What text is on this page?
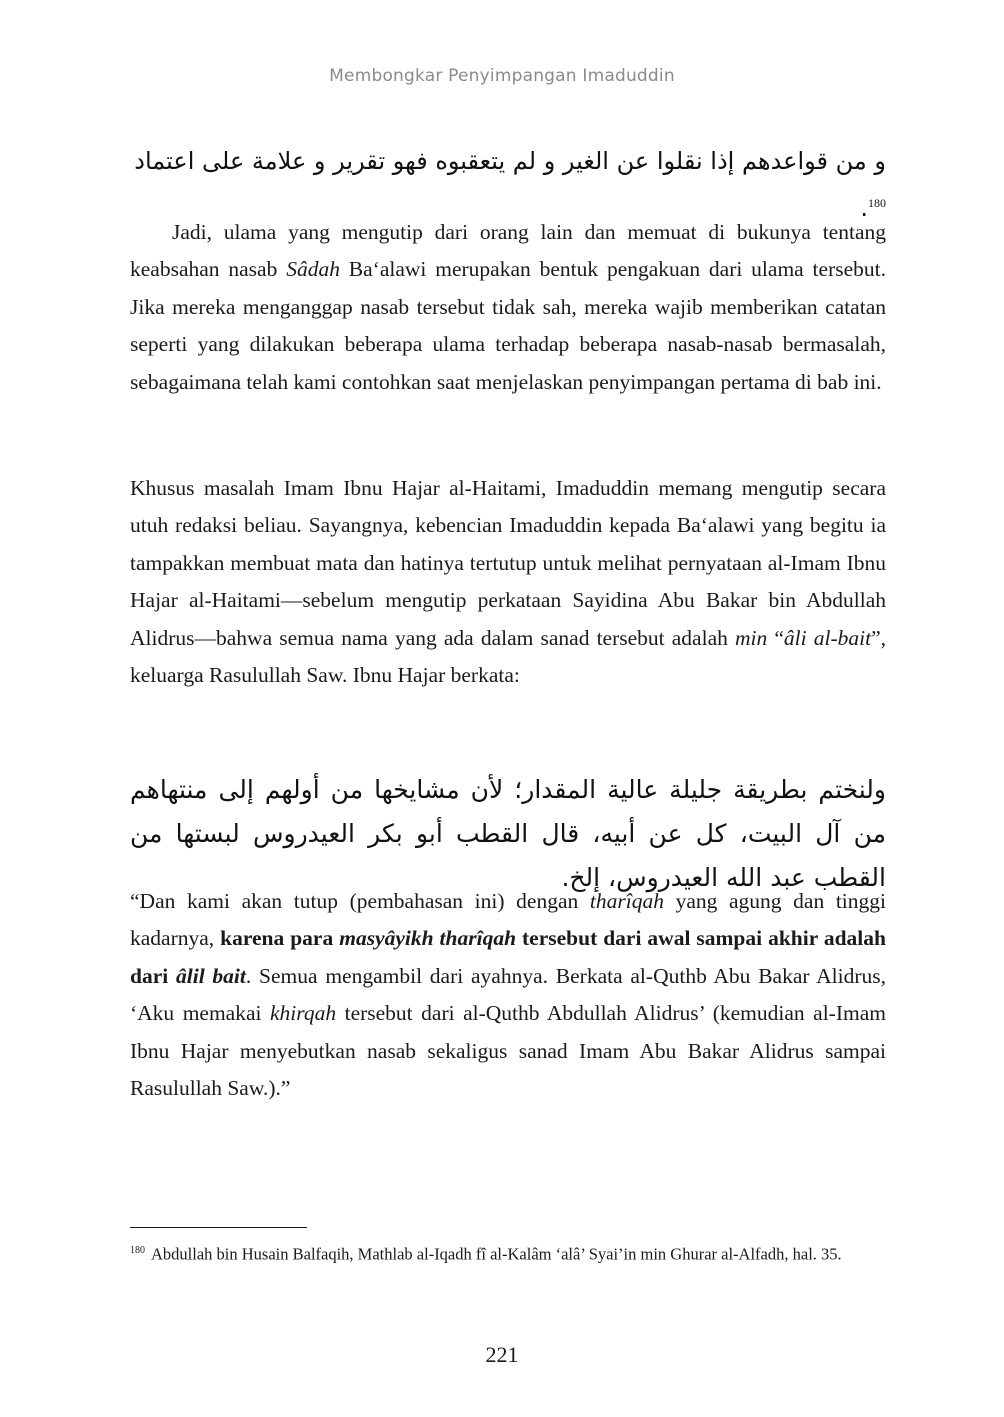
Membongkar Penyimpangan Imaduddin
و من قواعدهم إذا نقلوا عن الغير و لم يتعقبوه فهو تقرير و علامة على اعتماد $^{180}$.

Jadi, ulama yang mengutip dari orang lain dan memuat di bukunya tentang keabsahan nasab Sâdah Ba‘alawi merupakan bentuk pengakuan dari ulama tersebut. Jika mereka menganggap nasab tersebut tidak sah, mereka wajib memberikan catatan seperti yang dilakukan beberapa ulama terhadap beberapa nasab-nasab bermasalah, sebagaimana telah kami contohkan saat menjelaskan penyimpangan pertama di bab ini.

Khusus masalah Imam Ibnu Hajar al-Haitami, Imaduddin memang mengutip secara utuh redaksi beliau. Sayangnya, kebencian Imaduddin kepada Ba‘alawi yang begitu ia tampakkan membuat mata dan hatinya tertutup untuk melihat pernyataan al-Imam Ibnu Hajar al-Haitami—sebelum mengutip perkataan Sayidina Abu Bakar bin Abdullah Alidrus—bahwa semua nama yang ada dalam sanad tersebut adalah min “âli al-bait”, keluarga Rasulullah Saw. Ibnu Hajar berkata:

ولنختم بطريقة جليلة عالية المقدار؛ لأن مشايخها من أولهم إلى منتهاهم من آل البيت، كل عن أبيه، قال القطب أبو بكر العيدروس لبستها من القطب عبد الله العيدروس، إلخ.

“Dan kami akan tutup (pembahasan ini) dengan tharîqah yang agung dan tinggi kadarnya, karena para masyâyikh tharîqah tersebut dari awal sampai akhir adalah dari âlil bait. Semua mengambil dari ayahnya. Berkata al-Quthb Abu Bakar Alidrus, ‘Aku memakai khirqah tersebut dari al-Quthb Abdullah Alidrus’ (kemudian al-Imam Ibnu Hajar menyebutkan nasab sekaligus sanad Imam Abu Bakar Alidrus sampai Rasulullah Saw.).”

$^{180}$ Abdullah bin Husain Balfaqih, Mathlab al-Iqadh fî al-Kalâm ‘alâ’ Syai’in min Ghurar al-Alfadh, hal. 35.

221
